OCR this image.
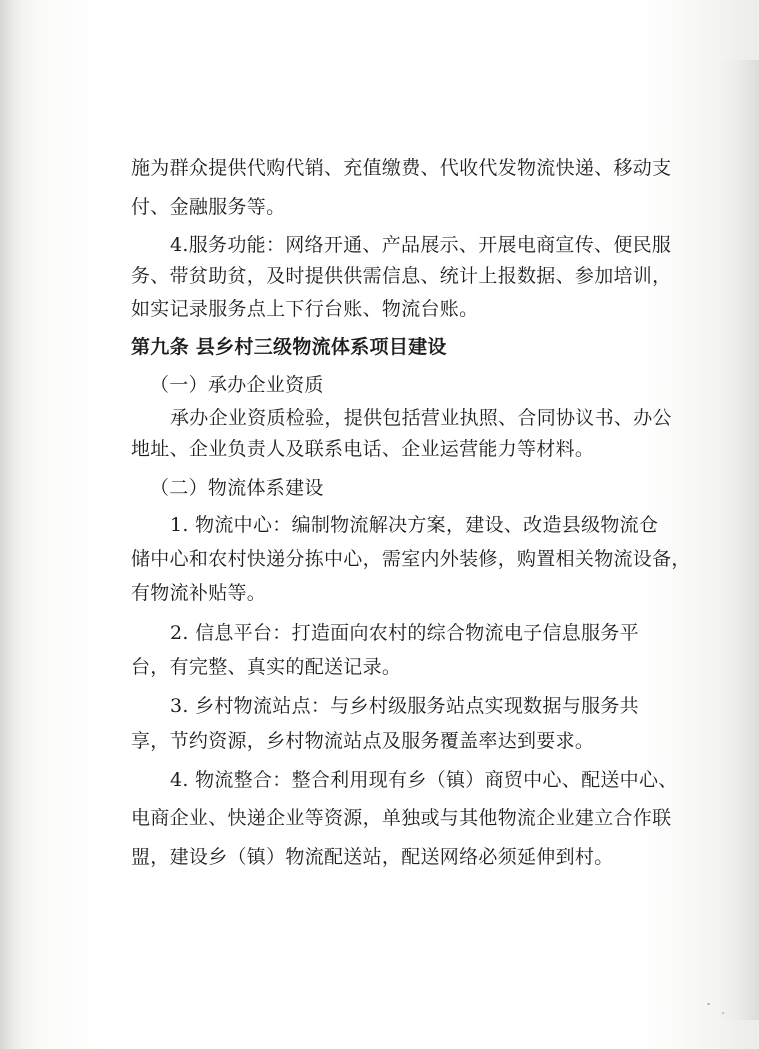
施为群众提供代购代销、充值缴费、代收代发物流快递、移动支
付、金融服务等。
4.服务功能：网络开通、产品展示、开展电商宣传、便民服
务、带贫助贫，及时提供供需信息、统计上报数据、参加培训，
如实记录服务点上下行台账、物流台账。
第九条 县乡村三级物流体系项目建设
（一）承办企业资质
承办企业资质检验，提供包括营业执照、合同协议书、办公
地址、企业负责人及联系电话、企业运营能力等材料。
（二）物流体系建设
1. 物流中心：编制物流解决方案，建设、改造县级物流仓
储中心和农村快递分拣中心，需室内外装修，购置相关物流设备，
有物流补贴等。
2. 信息平台：打造面向农村的综合物流电子信息服务平
台，有完整、真实的配送记录。
3. 乡村物流站点：与乡村级服务站点实现数据与服务共
享，节约资源，乡村物流站点及服务覆盖率达到要求。
4. 物流整合：整合利用现有乡（镇）商贸中心、配送中心、
电商企业、快递企业等资源，单独或与其他物流企业建立合作联
盟，建设乡（镇）物流配送站，配送网络必须延伸到村。
